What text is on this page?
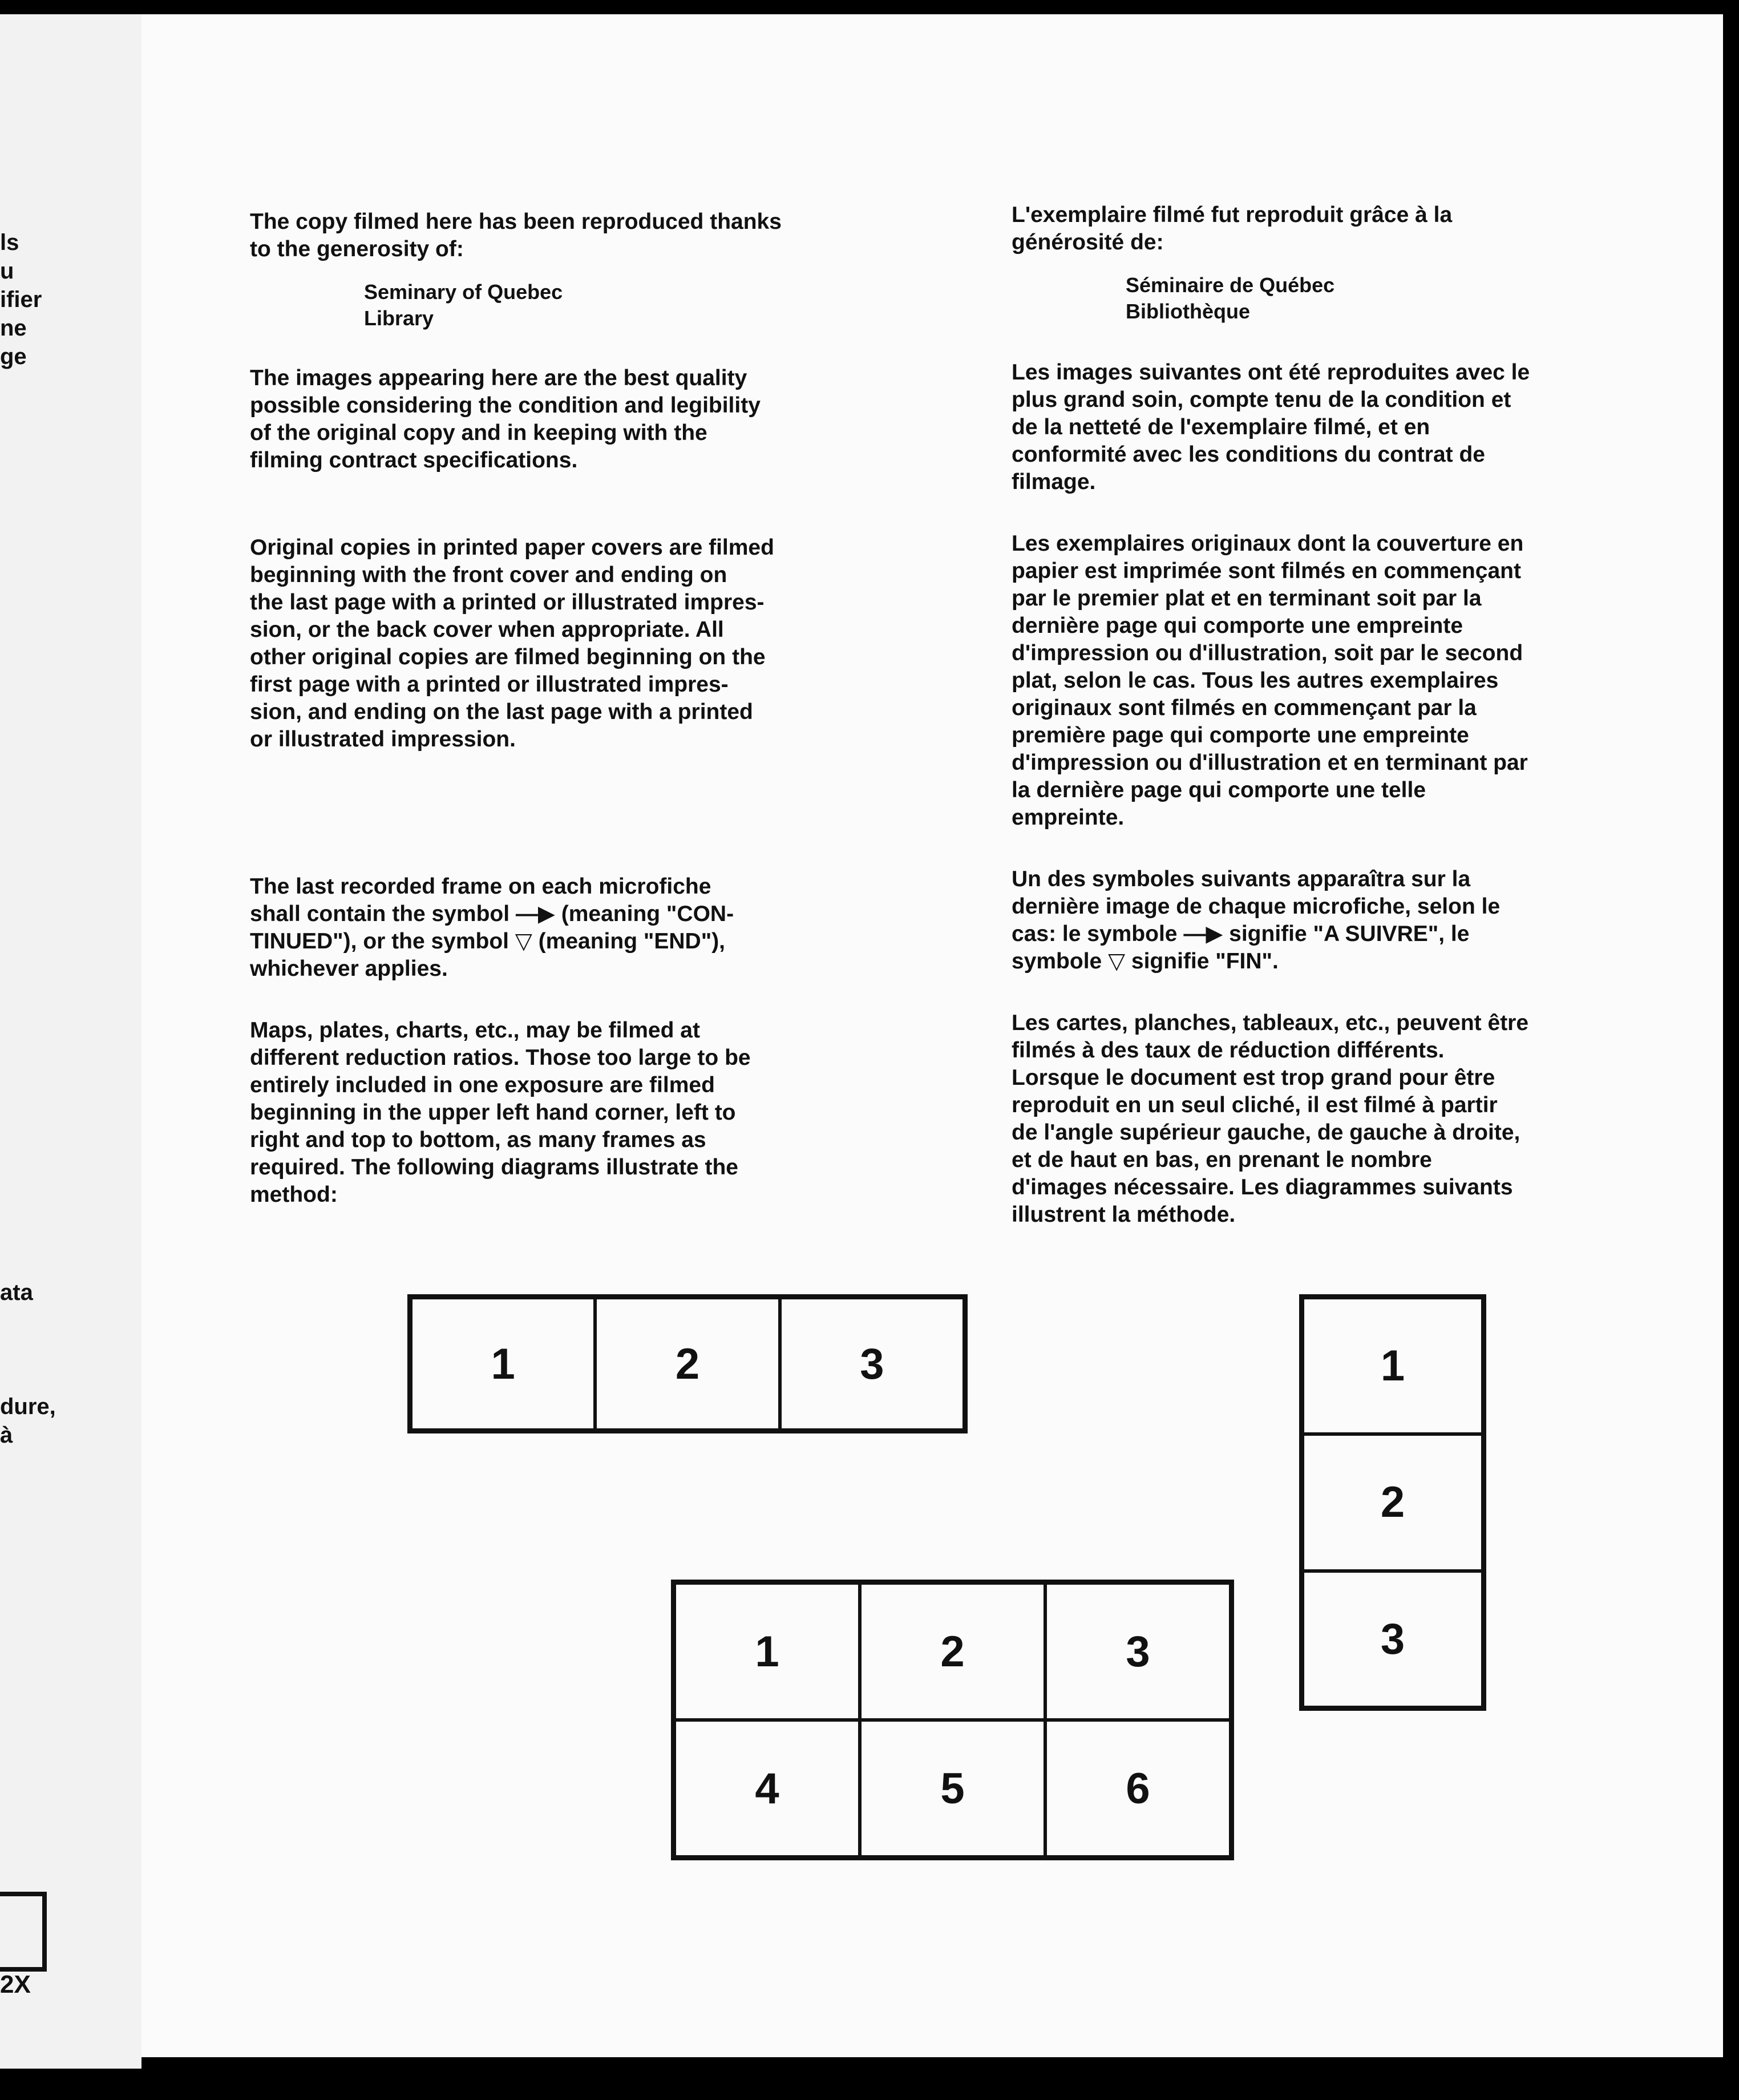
ls
u
ifier
ne
ge
ata
dure,
à
2X

The copy filmed here has been reproduced thanks
to the generosity of:

Seminary of Quebec
Library

The images appearing here are the best quality
possible considering the condition and legibility
of the original copy and in keeping with the
filming contract specifications.

Original copies in printed paper covers are filmed
beginning with the front cover and ending on
the last page with a printed or illustrated impres-
sion, or the back cover when appropriate. All
other original copies are filmed beginning on the
first page with a printed or illustrated impres-
sion, and ending on the last page with a printed
or illustrated impression.

The last recorded frame on each microfiche
shall contain the symbol —▶ (meaning "CON-
TINUED"), or the symbol ▽ (meaning "END"),
whichever applies.

Maps, plates, charts, etc., may be filmed at
different reduction ratios. Those too large to be
entirely included in one exposure are filmed
beginning in the upper left hand corner, left to
right and top to bottom, as many frames as
required. The following diagrams illustrate the
method:

L'exemplaire filmé fut reproduit grâce à la
générosité de:

Séminaire de Québec
Bibliothèque

Les images suivantes ont été reproduites avec le
plus grand soin, compte tenu de la condition et
de la netteté de l'exemplaire filmé, et en
conformité avec les conditions du contrat de
filmage.

Les exemplaires originaux dont la couverture en
papier est imprimée sont filmés en commençant
par le premier plat et en terminant soit par la
dernière page qui comporte une empreinte
d'impression ou d'illustration, soit par le second
plat, selon le cas. Tous les autres exemplaires
originaux sont filmés en commençant par la
première page qui comporte une empreinte
d'impression ou d'illustration et en terminant par
la dernière page qui comporte une telle
empreinte.

Un des symboles suivants apparaîtra sur la
dernière image de chaque microfiche, selon le
cas: le symbole —▶ signifie "A SUIVRE", le
symbole ▽ signifie "FIN".

Les cartes, planches, tableaux, etc., peuvent être
filmés à des taux de réduction différents.
Lorsque le document est trop grand pour être
reproduit en un seul cliché, il est filmé à partir
de l'angle supérieur gauche, de gauche à droite,
et de haut en bas, en prenant le nombre
d'images nécessaire. Les diagrammes suivants
illustrent la méthode.

1	2	3	1
2
3
1	2	3
4	5	6
